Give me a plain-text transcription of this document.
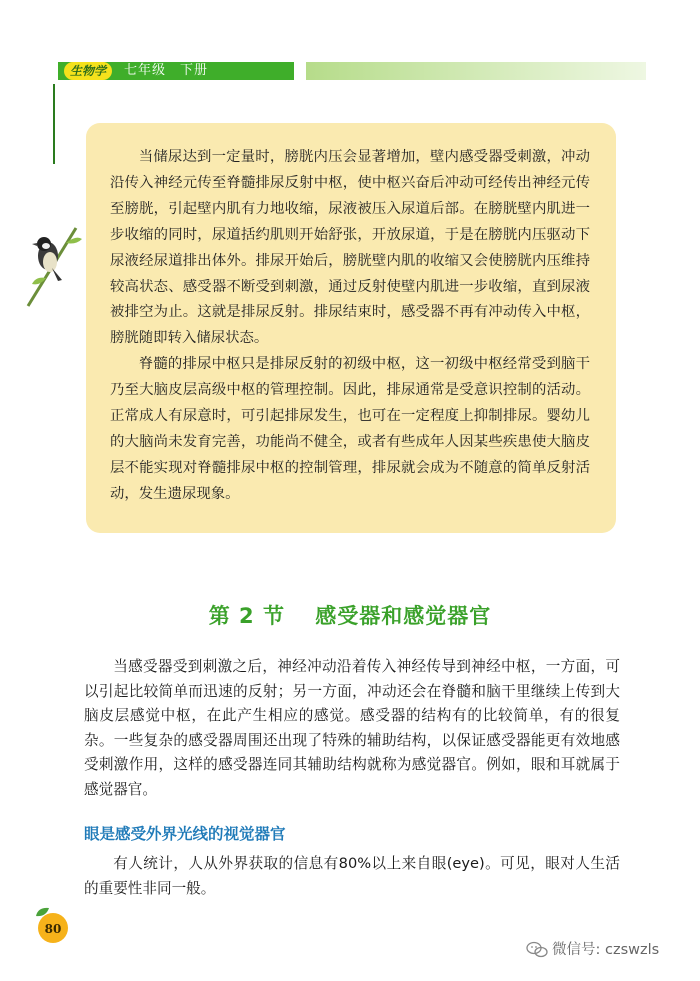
生物学	七年级　下册

当储尿达到一定量时，膀胱内压会显著增加，壁内感受器受刺激，冲动沿传入神经元传至脊髓排尿反射中枢，使中枢兴奋后冲动可经传出神经元传至膀胱，引起壁内肌有力地收缩，尿液被压入尿道后部。在膀胱壁内肌进一步收缩的同时，尿道括约肌则开始舒张，开放尿道，于是在膀胱内压驱动下尿液经尿道排出体外。排尿开始后，膀胱壁内肌的收缩又会使膀胱内压维持较高状态、感受器不断受到刺激，通过反射使壁内肌进一步收缩，直到尿液被排空为止。这就是排尿反射。排尿结束时，感受器不再有冲动传入中枢，膀胱随即转入储尿状态。

脊髓的排尿中枢只是排尿反射的初级中枢，这一初级中枢经常受到脑干乃至大脑皮层高级中枢的管理控制。因此，排尿通常是受意识控制的活动。正常成人有尿意时，可引起排尿发生，也可在一定程度上抑制排尿。婴幼儿的大脑尚未发育完善，功能尚不健全，或者有些成年人因某些疾患使大脑皮层不能实现对脊髓排尿中枢的控制管理，排尿就会成为不随意的简单反射活动，发生遗尿现象。

第 2 节　 感受器和感觉器官

当感受器受到刺激之后，神经冲动沿着传入神经传导到神经中枢，一方面，可以引起比较简单而迅速的反射；另一方面，冲动还会在脊髓和脑干里继续上传到大脑皮层感觉中枢，在此产生相应的感觉。感受器的结构有的比较简单，有的很复杂。一些复杂的感受器周围还出现了特殊的辅助结构，以保证感受器能更有效地感受刺激作用，这样的感受器连同其辅助结构就称为感觉器官。例如，眼和耳就属于感觉器官。

眼是感受外界光线的视觉器官

有人统计，人从外界获取的信息有80%以上来自眼(eye)。可见，眼对人生活的重要性非同一般。

80
微信号: czswzls
